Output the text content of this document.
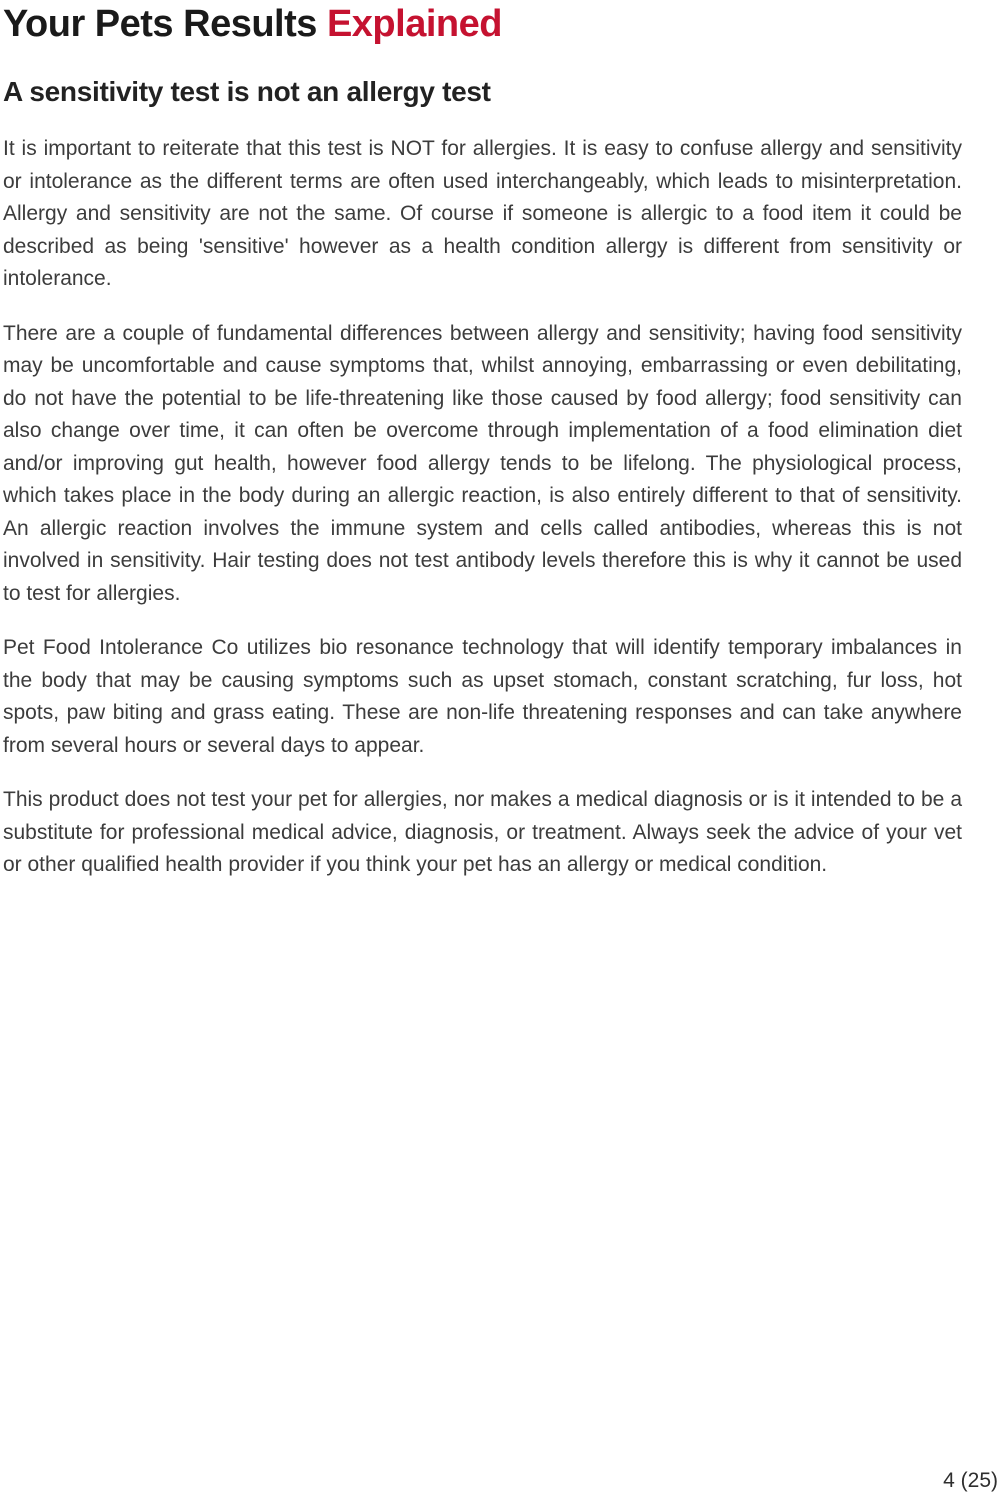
Your Pets Results Explained
A sensitivity test is not an allergy test

It is important to reiterate that this test is NOT for allergies. It is easy to confuse allergy and sensitivity or intolerance as the different terms are often used interchangeably, which leads to misinterpretation. Allergy and sensitivity are not the same. Of course if someone is allergic to a food item it could be described as being 'sensitive' however as a health condition allergy is different from sensitivity or intolerance.

There are a couple of fundamental differences between allergy and sensitivity; having food sensitivity may be uncomfortable and cause symptoms that, whilst annoying, embarrassing or even debilitating, do not have the potential to be life-threatening like those caused by food allergy; food sensitivity can also change over time, it can often be overcome through implementation of a food elimination diet and/or improving gut health, however food allergy tends to be lifelong. The physiological process, which takes place in the body during an allergic reaction, is also entirely different to that of sensitivity. An allergic reaction involves the immune system and cells called antibodies, whereas this is not involved in sensitivity. Hair testing does not test antibody levels therefore this is why it cannot be used to test for allergies.

Pet Food Intolerance Co utilizes bio resonance technology that will identify temporary imbalances in the body that may be causing symptoms such as upset stomach, constant scratching, fur loss, hot spots, paw biting and grass eating. These are non-life threatening responses and can take anywhere from several hours or several days to appear.

This product does not test your pet for allergies, nor makes a medical diagnosis or is it intended to be a substitute for professional medical advice, diagnosis, or treatment. Always seek the advice of your vet or other qualified health provider if you think your pet has an allergy or medical condition.

4 (25)
